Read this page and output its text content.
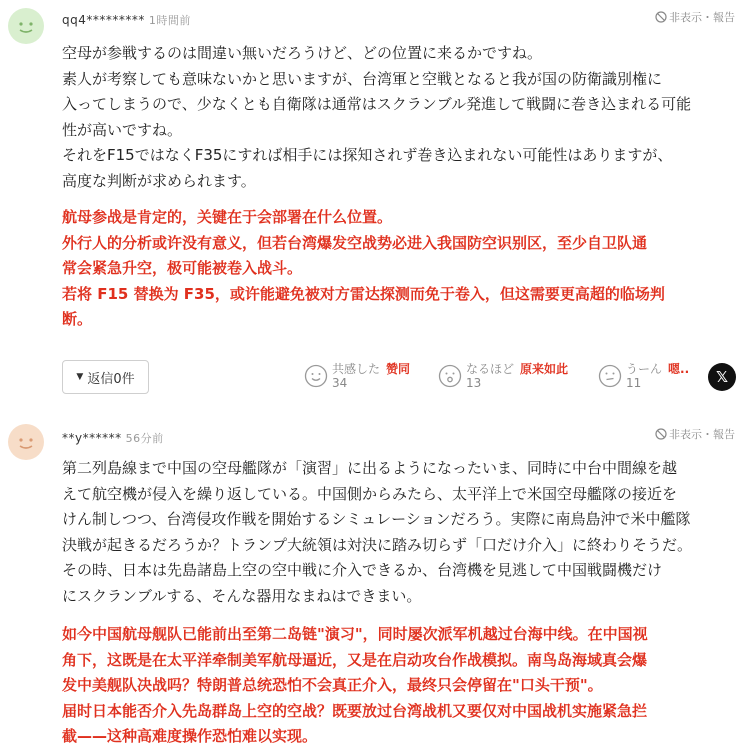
qq4********* 1時間前	非表示・報告
空母が参戦するのは間違い無いだろうけど、どの位置に来るかですね。
素人が考察しても意味ないかと思いますが、台湾軍と空戦となると我が国の防衛識別権に
入ってしまうので、少なくとも自衛隊は通常はスクランブル発進して戦闘に巻き込まれる可能
性が高いですね。
それをF15ではなくF35にすれば相手には探知されず巻き込まれない可能性はありますが、
高度な判断が求められます。
航母参战是肯定的，关键在于会部署在什么位置。
外行人的分析或许没有意义，但若台湾爆发空战势必进入我国防空识别区，至少自卫队通
常会紧急升空，极可能被卷入战斗。
若将 F15 替换为 F35，或许能避免被对方雷达探测而免于卷入，但这需要更高超的临场判
断。
▼ 返信 0件
共感した 赞同
34
なるほど 原来如此
13
うーん 嗯..
11	𝕏
**y****** 56分前	非表示・報告
第二列島線まで中国の空母艦隊が「演習」に出るようになったいま、同時に中台中間線を越
えて航空機が侵入を繰り返している。中国側からみたら、太平洋上で米国空母艦隊の接近を
けん制しつつ、台湾侵攻作戦を開始するシミュレーションだろう。実際に南鳥島沖で米中艦隊
決戦が起きるだろうか？トランプ大統領は対決に踏み切らず「口だけ介入」に終わりそうだ。
その時、日本は先島諸島上空の空中戦に介入できるか、台湾機を見逃して中国戦闘機だけ
にスクランブルする、そんな器用なまねはできまい。
如今中国航母舰队已能前出至第二岛链"演习"，同时屡次派军机越过台海中线。在中国视
角下，这既是在太平洋牵制美军航母逼近，又是在启动攻台作战模拟。南鸟岛海域真会爆
发中美舰队决战吗？特朗普总统恐怕不会真正介入，最终只会停留在"口头干预"。
届时日本能否介入先岛群岛上空的空战？既要放过台湾战机又要仅对中国战机实施紧急拦
截——这种高难度操作恐怕难以实现。
